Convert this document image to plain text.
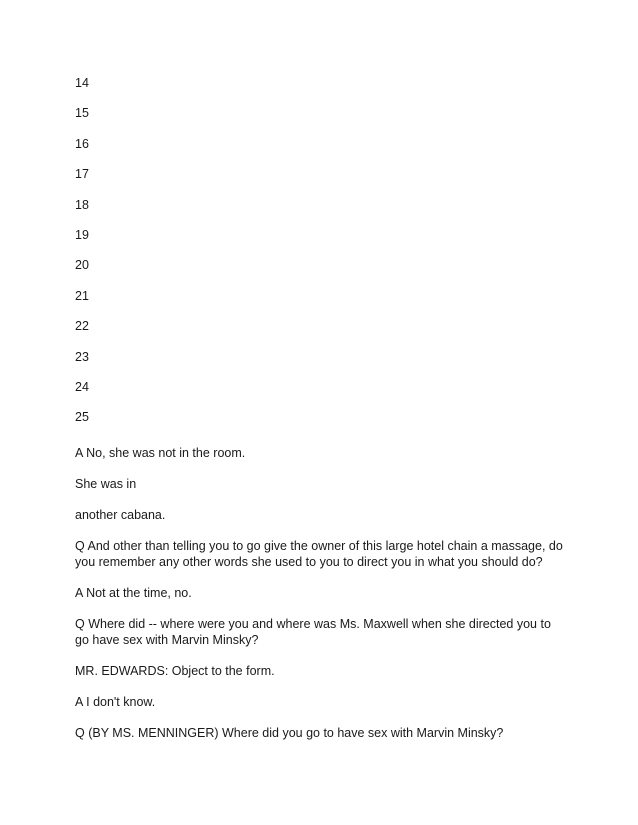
14
15
16
17
18
19
20
21
22
23
24
25

A No, she was not in the room.

She was in

another cabana.

Q And other than telling you to go give the owner of this large hotel chain a massage, do you remember any other words she used to you to direct you in what you should do?

A Not at the time, no.

Q Where did -- where were you and where was Ms. Maxwell when she directed you to go have sex with Marvin Minsky?

MR. EDWARDS: Object to the form.

A I don't know.

Q (BY MS. MENNINGER) Where did you go to have sex with Marvin Minsky?
